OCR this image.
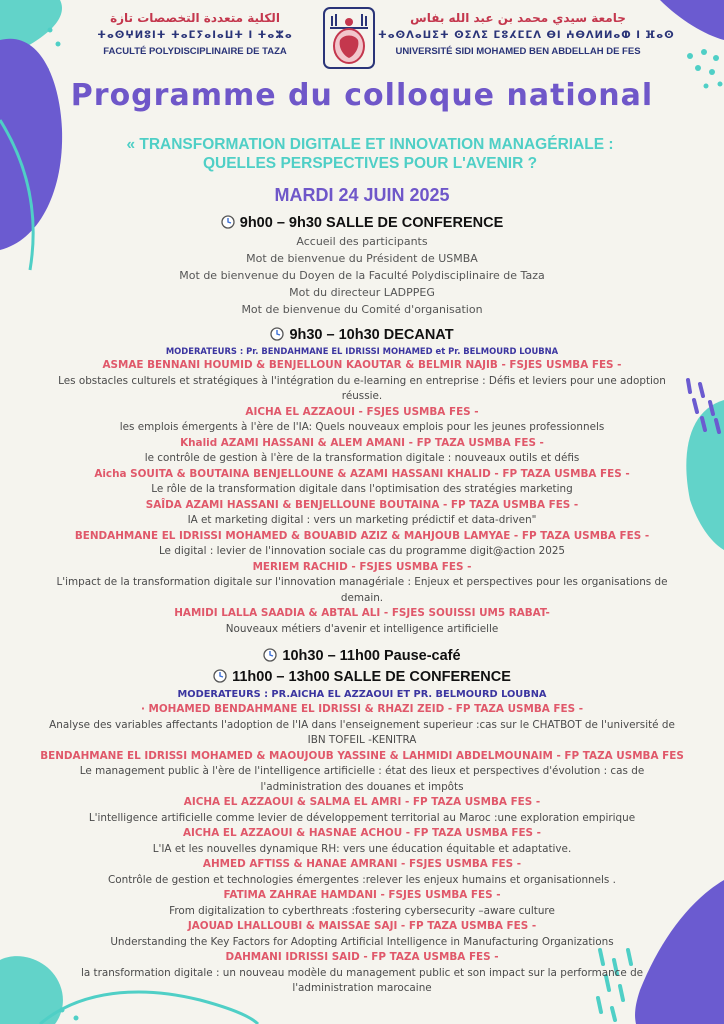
الكلية متعددة التخصصات تازة
ⵜⴰⵙⵖⵍⵓⵏⵜ ⵜⴰⵎⵢⴰⵏⴰⵡⵜ ⵏ ⵜⴰⵣⴰ
FACULTÉ POLYDISCIPLINAIRE DE TAZA
جامعة سيدي محمد بن عبد الله بفاس
ⵜⴰⵙⴷⴰⵡⵉⵜ ⵙⵉⴷⵉ ⵎⵓⵃⵎⵎⴷ ⴱⵏ ⵄⴱⴷⵍⵍⴰⵀ ⵏ ⴼⴰⵙ
UNIVERSITÉ SIDI MOHAMED BEN ABDELLAH DE FES
Programme du colloque national
« TRANSFORMATION DIGITALE ET INNOVATION MANAGÉRIALE :
QUELLES PERSPECTIVES POUR L'AVENIR ?
MARDI 24 JUIN 2025
9h00 – 9h30 SALLE DE CONFERENCE
Accueil des participants
Mot de bienvenue du Président de USMBA
Mot de bienvenue du Doyen de la Faculté Polydisciplinaire de Taza
Mot du directeur LADPPEG
Mot de bienvenue du Comité d'organisation
9h30 – 10h30 DECANAT
MODERATEURS : Pr. BENDAHMANE EL IDRISSI MOHAMED et Pr. BELMOURD LOUBNA
ASMAE BENNANI HOUMID & BENJELLOUN KAOUTAR & BELMIR NAJIB - FSJES USMBA FES -
Les obstacles culturels et stratégiques à l'intégration du e-learning en entreprise : Défis et leviers pour une adoption
réussie.
AICHA EL AZZAOUI - FSJES USMBA FES -
les emplois émergents à l'ère de l'IA: Quels nouveaux emplois pour les jeunes professionnels
Khalid AZAMI HASSANI & ALEM AMANI - FP TAZA USMBA FES -
le contrôle de gestion à l'ère de la transformation digitale : nouveaux outils et défis
Aicha SOUITA & BOUTAINA BENJELLOUNE & AZAMI HASSANI KHALID - FP TAZA USMBA FES -
Le rôle de la transformation digitale dans l'optimisation des stratégies marketing
SAÎDA AZAMI HASSANI & BENJELLOUNE BOUTAINA - FP TAZA USMBA FES -
IA et marketing digital : vers un marketing prédictif et data-driven"
BENDAHMANE EL IDRISSI MOHAMED & BOUABID AZIZ & MAHJOUB LAMYAE - FP TAZA USMBA FES -
Le digital : levier de l'innovation sociale cas du programme digit@action 2025
MERIEM RACHID - FSJES USMBA FES -
L'impact de la transformation digitale sur l'innovation managériale : Enjeux et perspectives pour les organisations de
demain.
HAMIDI LALLA SAADIA & ABTAL ALI - FSJES SOUISSI UM5 RABAT-
Nouveaux métiers d'avenir et intelligence artificielle
10h30 – 11h00 Pause-café
11h00 – 13h00 SALLE DE CONFERENCE
MODERATEURS : PR.AICHA EL AZZAOUI ET PR. BELMOURD LOUBNA
· MOHAMED BENDAHMANE EL IDRISSI & RHAZI ZEID - FP TAZA USMBA FES -
Analyse des variables affectants l'adoption de l'IA dans l'enseignement superieur :cas sur le CHATBOT de l'université de
IBN TOFEIL -KENITRA
BENDAHMANE EL IDRISSI MOHAMED & MAOUJOUB YASSINE & LAHMIDI ABDELMOUNAIM - FP TAZA USMBA FES
Le management public à l'ère de l'intelligence artificielle : état des lieux et perspectives d'évolution : cas de
l'administration des douanes et impôts
AICHA EL AZZAOUI & SALMA EL AMRI - FP TAZA USMBA FES -
L'intelligence artificielle comme levier de développement territorial au Maroc :une exploration empirique
AICHA EL AZZAOUI & HASNAE ACHOU - FP TAZA USMBA FES -
L'IA et les nouvelles dynamique RH: vers une éducation équitable et adaptative.
AHMED AFTISS & HANAE AMRANI - FSJES USMBA FES -
Contrôle de gestion et technologies émergentes :relever les enjeux humains et organisationnels .
FATIMA ZAHRAE HAMDANI - FSJES USMBA FES -
From digitalization to cyberthreats :fostering cybersecurity –aware culture
JAOUAD LHALLOUBI & MAISSAE SAJI - FP TAZA USMBA FES -
Understanding the Key Factors for Adopting Artificial Intelligence in Manufacturing Organizations
DAHMANI IDRISSI SAID - FP TAZA USMBA FES -
la transformation digitale : un nouveau modèle du management public et son impact sur la performance de
l'administration marocaine
